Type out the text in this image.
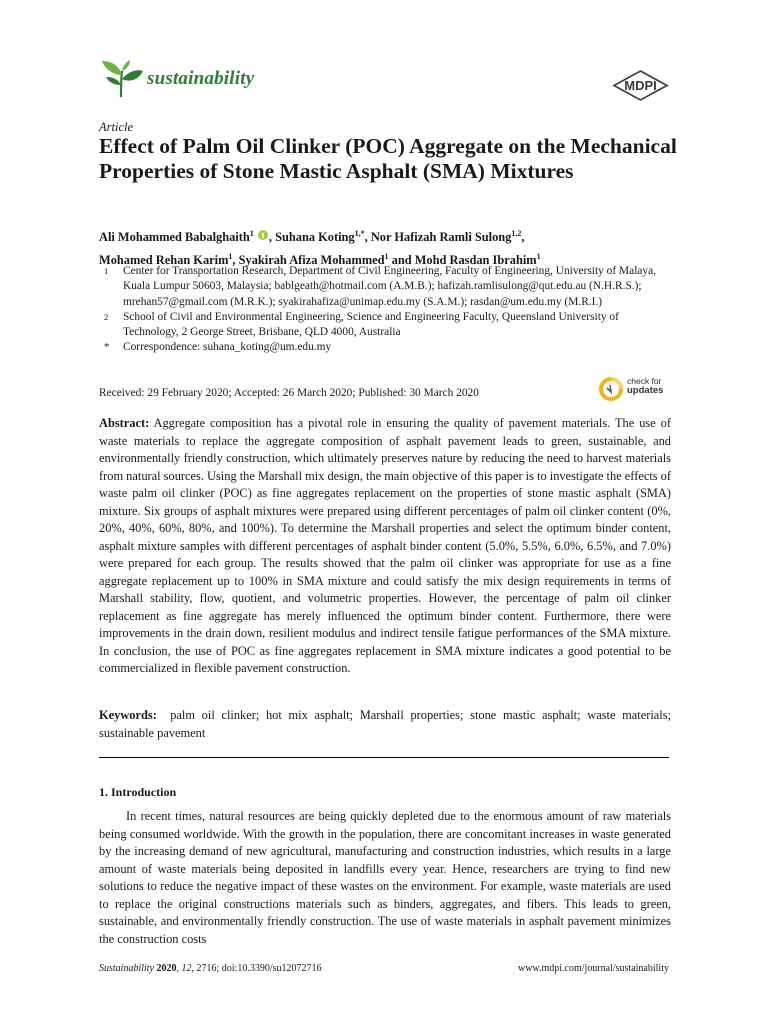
sustainability	MDPI
Article
Effect of Palm Oil Clinker (POC) Aggregate on the Mechanical Properties of Stone Mastic Asphalt (SMA) Mixtures
Ali Mohammed Babalghaith$^1$ , Suhana Koting$^{1,*}$, Nor Hafizah Ramli Sulong$^{1,2}$,
Mohamed Rehan Karim$^1$, Syakirah Afiza Mohammed$^1$ and Mohd Rasdan Ibrahim$^1$
1	Center for Transportation Research, Department of Civil Engineering, Faculty of Engineering, University of Malaya, Kuala Lumpur 50603, Malaysia; bablgeath@hotmail.com (A.M.B.); hafizah.ramlisulong@qut.edu.au (N.H.R.S.); mrehan57@gmail.com (M.R.K.); syakirahafiza@unimap.edu.my (S.A.M.); rasdan@um.edu.my (M.R.I.)
2	School of Civil and Environmental Engineering, Science and Engineering Faculty, Queensland University of Technology, 2 George Street, Brisbane, QLD 4000, Australia
*	Correspondence: suhana_koting@um.edu.my
Received: 29 February 2020; Accepted: 26 March 2020; Published: 30 March 2020
check for
updates
Abstract: Aggregate composition has a pivotal role in ensuring the quality of pavement materials. The use of waste materials to replace the aggregate composition of asphalt pavement leads to green, sustainable, and environmentally friendly construction, which ultimately preserves nature by reducing the need to harvest materials from natural sources. Using the Marshall mix design, the main objective of this paper is to investigate the effects of waste palm oil clinker (POC) as fine aggregates replacement on the properties of stone mastic asphalt (SMA) mixture. Six groups of asphalt mixtures were prepared using different percentages of palm oil clinker content (0%, 20%, 40%, 60%, 80%, and 100%). To determine the Marshall properties and select the optimum binder content, asphalt mixture samples with different percentages of asphalt binder content (5.0%, 5.5%, 6.0%, 6.5%, and 7.0%) were prepared for each group. The results showed that the palm oil clinker was appropriate for use as a fine aggregate replacement up to 100% in SMA mixture and could satisfy the mix design requirements in terms of Marshall stability, flow, quotient, and volumetric properties. However, the percentage of palm oil clinker replacement as fine aggregate has merely influenced the optimum binder content. Furthermore, there were improvements in the drain down, resilient modulus and indirect tensile fatigue performances of the SMA mixture. In conclusion, the use of POC as fine aggregates replacement in SMA mixture indicates a good potential to be commercialized in flexible pavement construction.
Keywords: palm oil clinker; hot mix asphalt; Marshall properties; stone mastic asphalt; waste materials; sustainable pavement
1. Introduction
In recent times, natural resources are being quickly depleted due to the enormous amount of raw materials being consumed worldwide. With the growth in the population, there are concomitant increases in waste generated by the increasing demand of new agricultural, manufacturing and construction industries, which results in a large amount of waste materials being deposited in landfills every year. Hence, researchers are trying to find new solutions to reduce the negative impact of these wastes on the environment. For example, waste materials are used to replace the original constructions materials such as binders, aggregates, and fibers. This leads to green, sustainable, and environmentally friendly construction. The use of waste materials in asphalt pavement minimizes the construction costs
Sustainability 2020, 12, 2716; doi:10.3390/su12072716	www.mdpi.com/journal/sustainability
